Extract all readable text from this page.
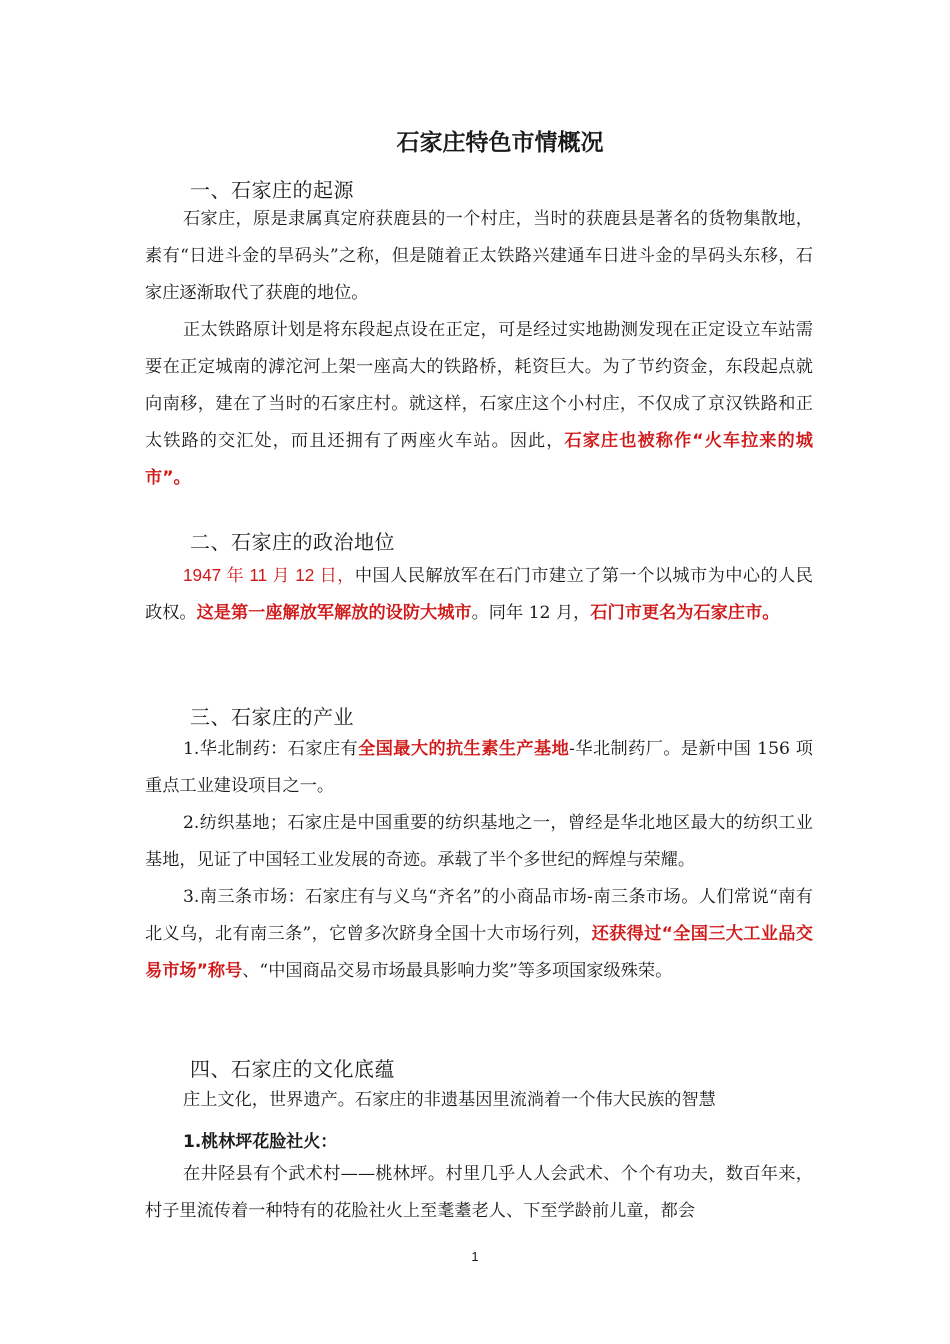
石家庄特色市情概况
一、石家庄的起源

石家庄，原是隶属真定府获鹿县的一个村庄，当时的获鹿县是著名的货物集散地，素有“日进斗金的旱码头”之称，但是随着正太铁路兴建通车日进斗金的旱码头东移，石家庄逐渐取代了获鹿的地位。

正太铁路原计划是将东段起点设在正定，可是经过实地勘测发现在正定设立车站需要在正定城南的滹沱河上架一座高大的铁路桥，耗资巨大。为了节约资金，东段起点就向南移，建在了当时的石家庄村。就这样，石家庄这个小村庄，不仅成了京汉铁路和正太铁路的交汇处，而且还拥有了两座火车站。因此，石家庄也被称作“火车拉来的城市”。

二、石家庄的政治地位

1947 年 11 月 12 日，中国人民解放军在石门市建立了第一个以城市为中心的人民政权。这是第一座解放军解放的设防大城市。同年 12 月，石门市更名为石家庄市。

三、石家庄的产业

1.华北制药：石家庄有全国最大的抗生素生产基地-华北制药厂。是新中国 156 项重点工业建设项目之一。

2.纺织基地；石家庄是中国重要的纺织基地之一，曾经是华北地区最大的纺织工业基地，见证了中国轻工业发展的奇迹。承载了半个多世纪的辉煌与荣耀。

3.南三条市场：石家庄有与义乌“齐名”的小商品市场-南三条市场。人们常说“南有北义乌，北有南三条”，它曾多次跻身全国十大市场行列，还获得过“全国三大工业品交易市场”称号、“中国商品交易市场最具影响力奖”等多项国家级殊荣。

四、石家庄的文化底蕴

庄上文化，世界遗产。石家庄的非遗基因里流淌着一个伟大民族的智慧

1.桃林坪花脸社火：

在井陉县有个武术村——桃林坪。村里几乎人人会武术、个个有功夫，数百年来，村子里流传着一种特有的花脸社火上至耄耋老人、下至学龄前儿童，都会

1
